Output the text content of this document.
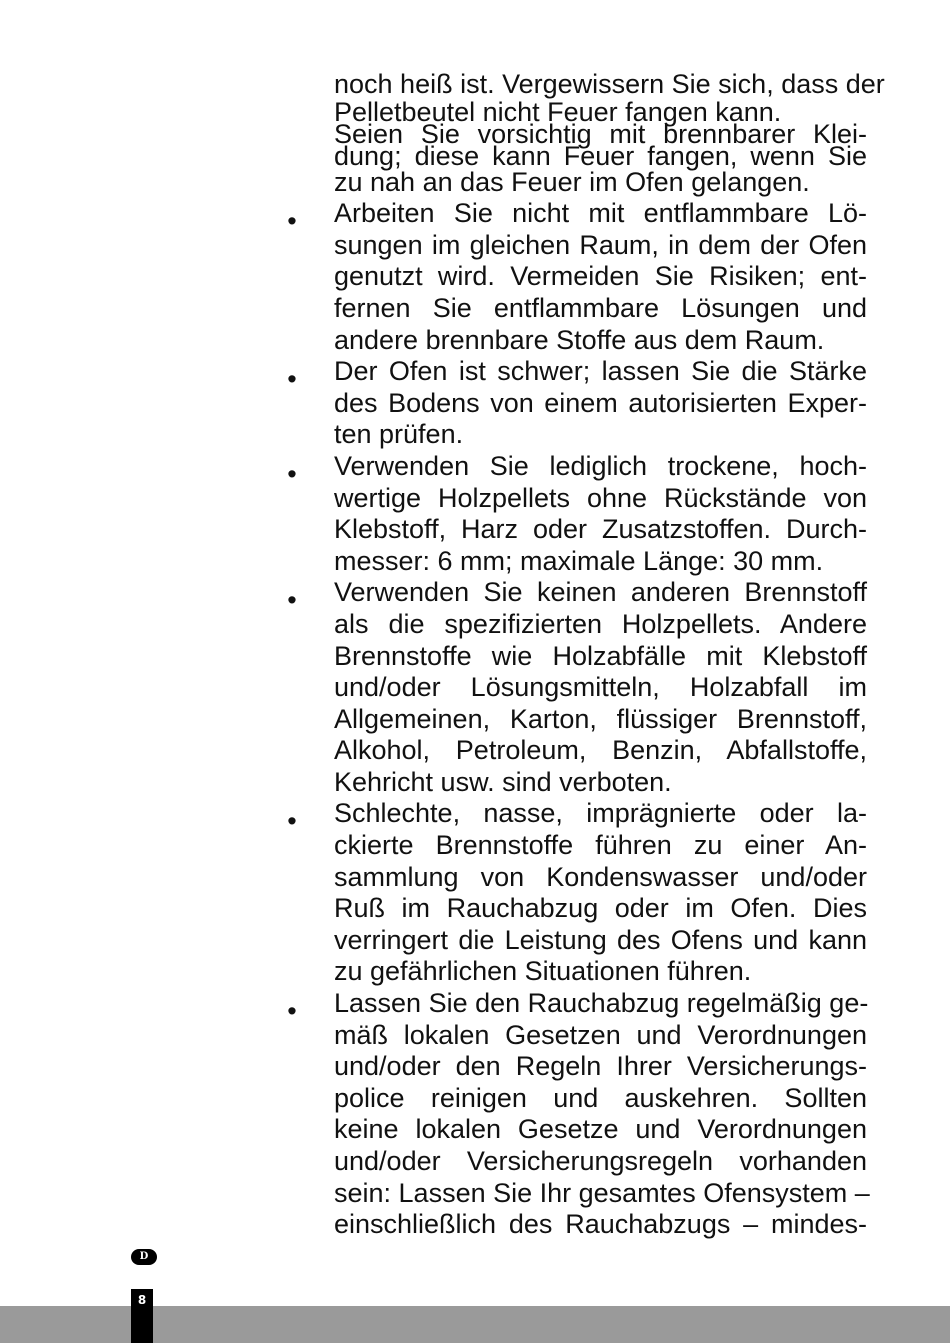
noch heiß ist. Vergewissern Sie sich, dass der
Pelletbeutel nicht Feuer fangen kann.
Seien Sie vorsichtig mit brennbarer Klei-
dung; diese kann Feuer fangen, wenn Sie
zu nah an das Feuer im Ofen gelangen.
Arbeiten Sie nicht mit entflammbare Lö-
sungen im gleichen Raum, in dem der Ofen
genutzt wird. Vermeiden Sie Risiken; ent-
fernen Sie entflammbare Lösungen und
andere brennbare Stoffe aus dem Raum.
Der Ofen ist schwer; lassen Sie die Stärke
des Bodens von einem autorisierten Exper-
ten prüfen.
Verwenden Sie lediglich trockene, hoch-
wertige Holzpellets ohne Rückstände von
Klebstoff, Harz oder Zusatzstoffen. Durch-
messer: 6 mm; maximale Länge: 30 mm.
Verwenden Sie keinen anderen Brennstoff
als die spezifizierten Holzpellets. Andere
Brennstoffe wie Holzabfälle mit Klebstoff
und/oder Lösungsmitteln, Holzabfall im
Allgemeinen, Karton, flüssiger Brennstoff,
Alkohol, Petroleum, Benzin, Abfallstoffe,
Kehricht usw. sind verboten.
Schlechte, nasse, imprägnierte oder la-
ckierte Brennstoffe führen zu einer An-
sammlung von Kondenswasser und/oder
Ruß im Rauchabzug oder im Ofen. Dies
verringert die Leistung des Ofens und kann
zu gefährlichen Situationen führen.
Lassen Sie den Rauchabzug regelmäßig ge-
mäß lokalen Gesetzen und Verordnungen
und/oder den Regeln Ihrer Versicherungs-
police reinigen und auskehren. Sollten
keine lokalen Gesetze und Verordnungen
und/oder Versicherungsregeln vorhanden
sein: Lassen Sie Ihr gesamtes Ofensystem –
einschließlich des Rauchabzugs – mindes-
•
•
•
•
•
•
D
8
